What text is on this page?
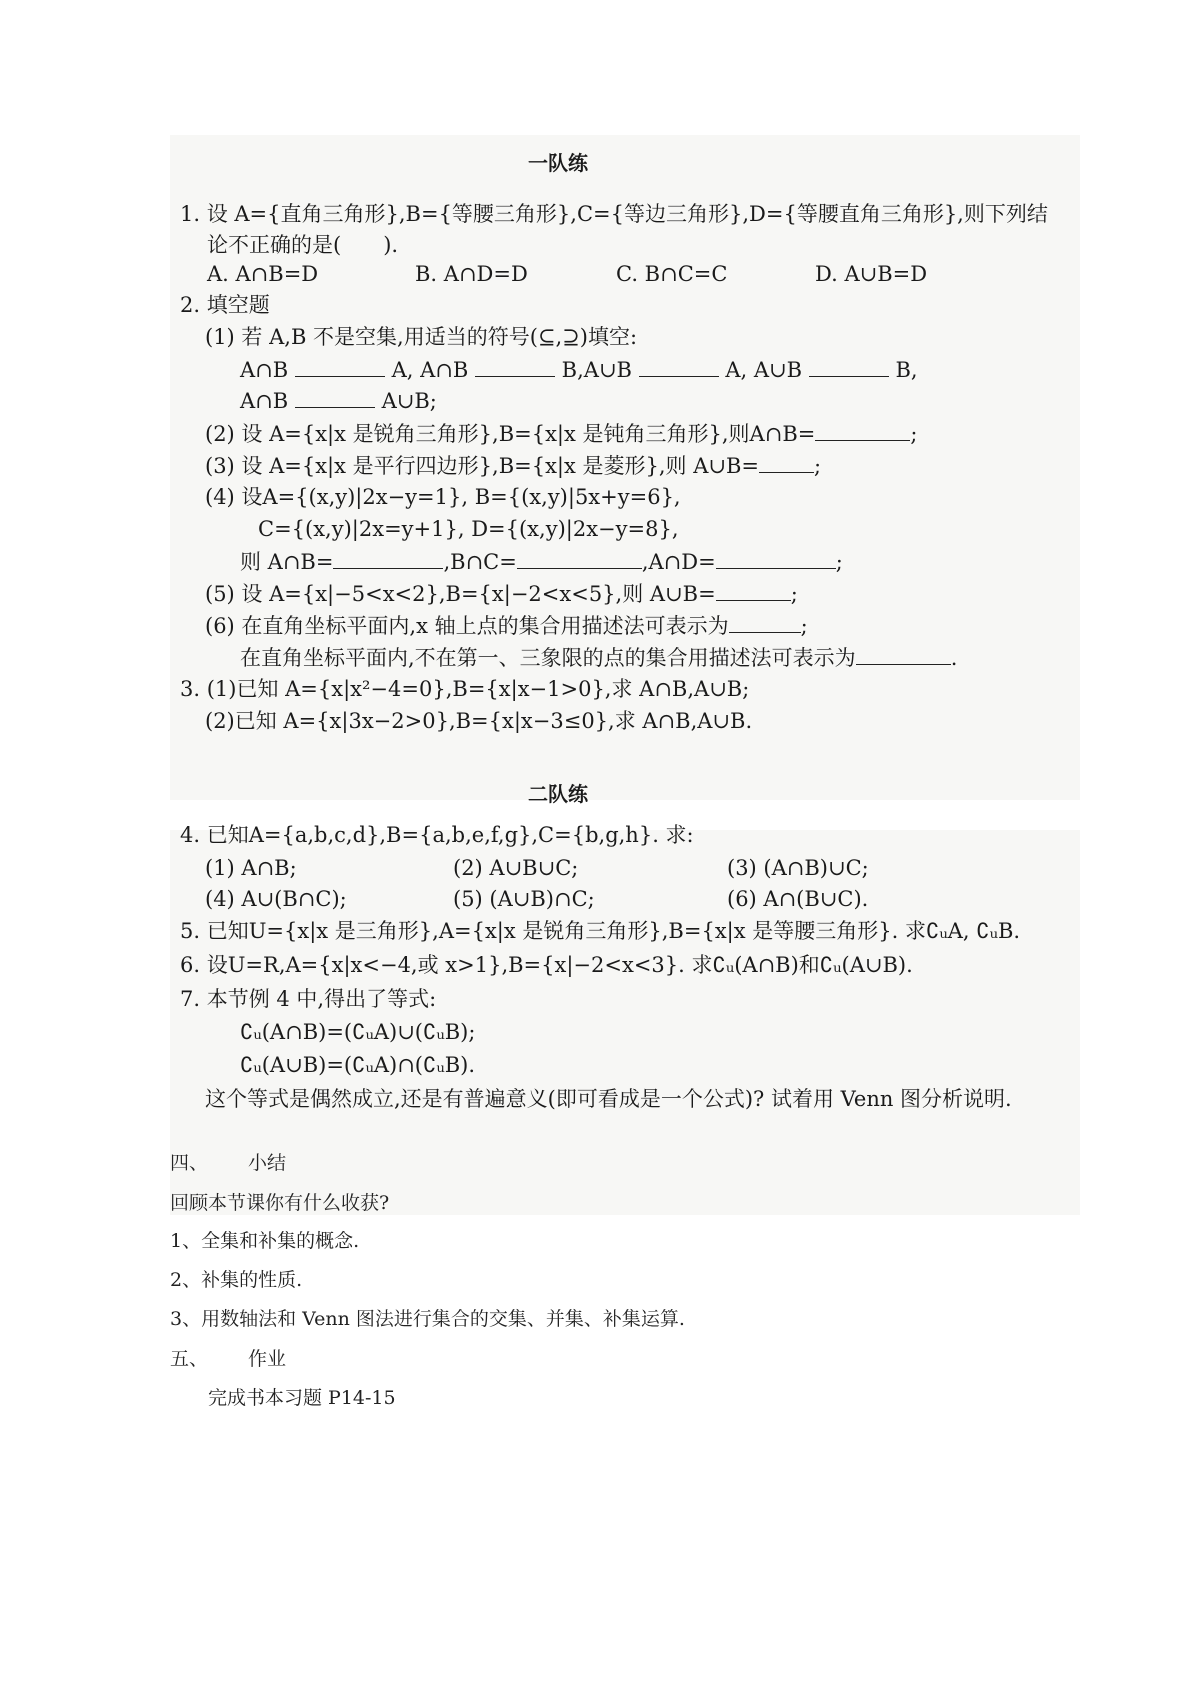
一队练
1. 设 A={直角三角形},B={等腰三角形},C={等边三角形},D={等腰直角三角形},则下列结
论不正确的是(　　).
A. A∩B=D	B. A∩D=D	C. B∩C=C	D. A∪B=D
2. 填空题
(1) 若 A,B 不是空集,用适当的符号(⊆,⊇)填空:
A∩B	A, A∩B	B,A∪B	A, A∪B	B,
A∩B	A∪B;
(2) 设 A={x|x 是锐角三角形},B={x|x 是钝角三角形},则A∩B=	;
(3) 设 A={x|x 是平行四边形},B={x|x 是菱形},则 A∪B=	;
(4) 设A={(x,y)|2x−y=1}, B={(x,y)|5x+y=6},
C={(x,y)|2x=y+1}, D={(x,y)|2x−y=8},
则 A∩B=	,B∩C=	,A∩D=	;
(5) 设 A={x|−5<x<2},B={x|−2<x<5},则 A∪B=	;
(6) 在直角坐标平面内,x 轴上点的集合用描述法可表示为	;
在直角坐标平面内,不在第一、三象限的点的集合用描述法可表示为	.
3. (1)已知 A={x|x²−4=0},B={x|x−1>0},求 A∩B,A∪B;
(2)已知 A={x|3x−2>0},B={x|x−3≤0},求 A∩B,A∪B.
二队练
4. 已知A={a,b,c,d},B={a,b,e,f,g},C={b,g,h}. 求:
(1) A∩B;	(2) A∪B∪C;	(3) (A∩B)∪C;
(4) A∪(B∩C);	(5) (A∪B)∩C;	(6) A∩(B∪C).
5. 已知U={x|x 是三角形},A={x|x 是锐角三角形},B={x|x 是等腰三角形}. 求∁ᵤA, ∁ᵤB.
6. 设U=R,A={x|x<−4,或 x>1},B={x|−2<x<3}. 求∁ᵤ(A∩B)和∁ᵤ(A∪B).
7. 本节例 4 中,得出了等式:
∁ᵤ(A∩B)=(∁ᵤA)∪(∁ᵤB);
∁ᵤ(A∪B)=(∁ᵤA)∩(∁ᵤB).
这个等式是偶然成立,还是有普遍意义(即可看成是一个公式)? 试着用 Venn 图分析说明.
四、 小结
回顾本节课你有什么收获?
1、全集和补集的概念.
2、补集的性质.
3、用数轴法和 Venn 图法进行集合的交集、并集、补集运算.
五、 作业
完成书本习题 P14-15
